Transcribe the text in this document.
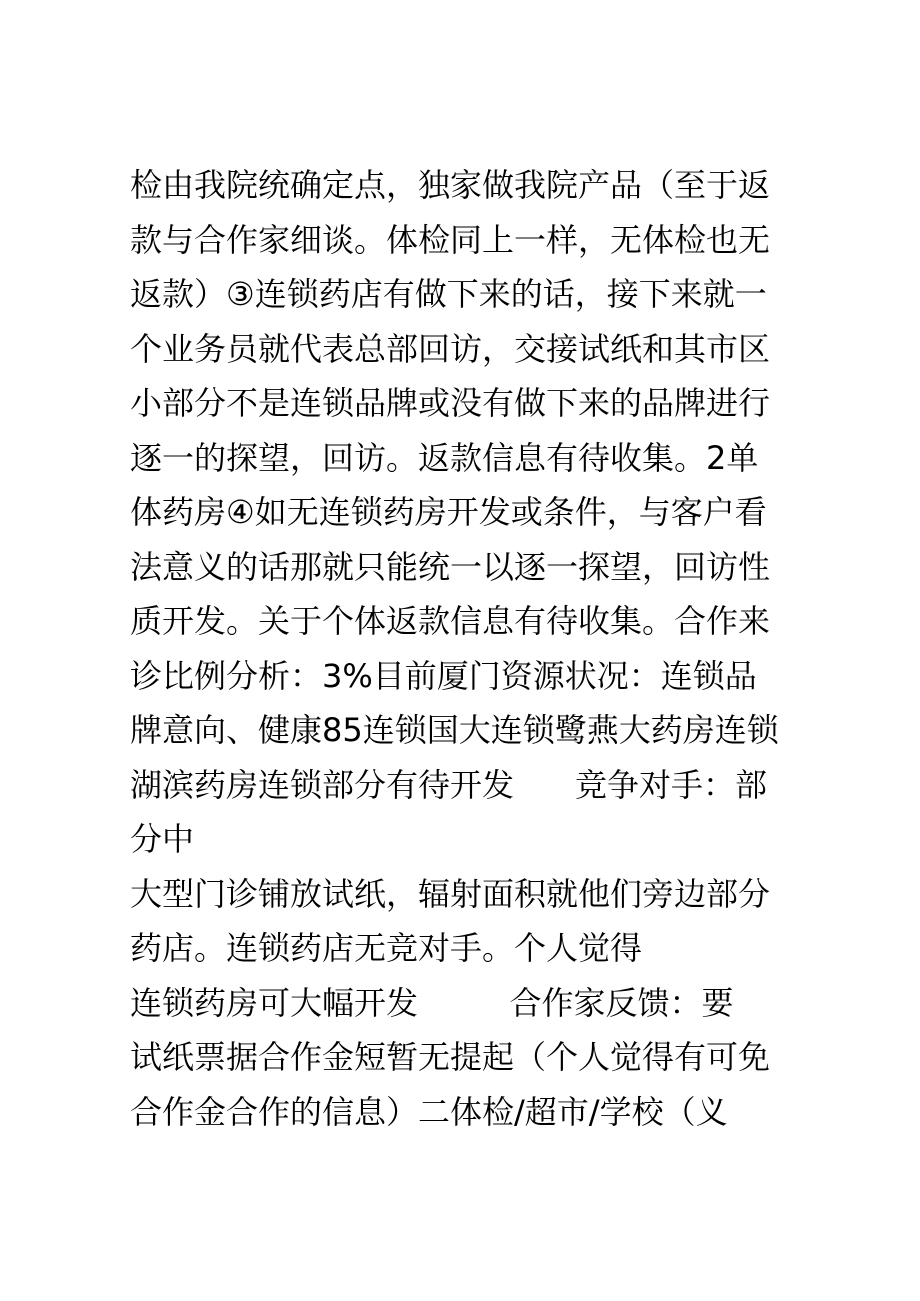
检由我院统确定点，独家做我院产品（至于返
款与合作家细谈。体检同上一样，无体检也无
返款）③连锁药店有做下来的话，接下来就一
个业务员就代表总部回访，交接试纸和其市区
小部分不是连锁品牌或没有做下来的品牌进行
逐一的探望，回访。返款信息有待收集。2单
体药房④如无连锁药房开发或条件，与客户看
法意义的话那就只能统一以逐一探望，回访性
质开发。关于个体返款信息有待收集。合作来
诊比例分析：3%目前厦门资源状况：连锁品
牌意向、健康85连锁国大连锁鹭燕大药房连锁
湖滨药房连锁部分有待开发      竞争对手：部
分中
大型门诊铺放试纸，辐射面积就他们旁边部分
药店。连锁药店无竞对手。个人觉得
连锁药房可大幅开发         合作家反馈：要
试纸票据合作金短暂无提起（个人觉得有可免
合作金合作的信息）二体检/超市/学校（义
